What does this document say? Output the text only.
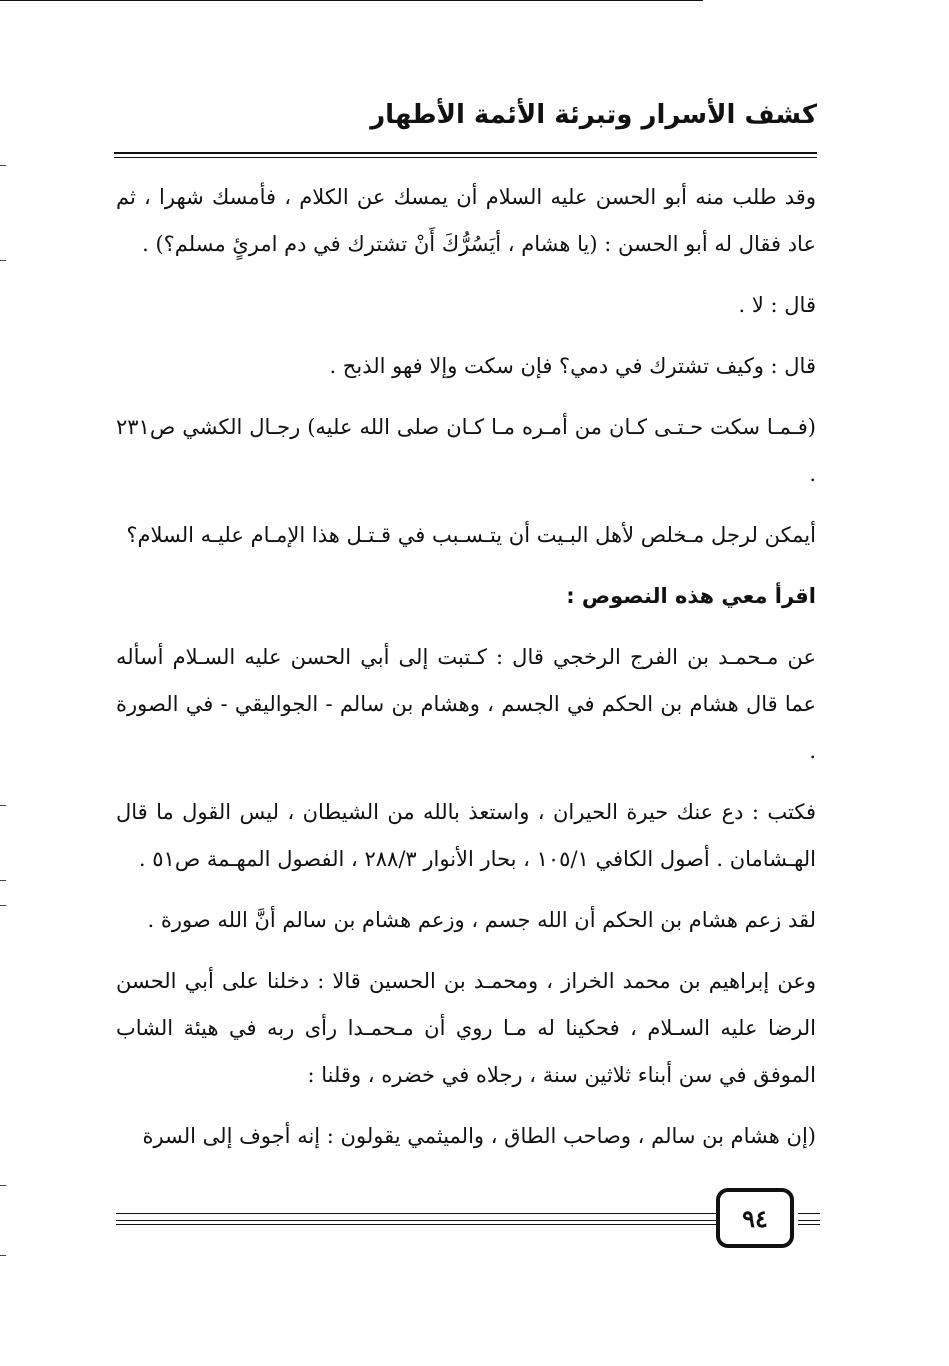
كشف الأسرار وتبرئة الأئمة الأطهار

وقد طلب منه أبو الحسن عليه السلام أن يمسك عن الكلام ، فأمسك شهرا ، ثم عاد فقال له أبو الحسن : (يا هشام ، أيَسُرُّكَ أَنْ تشترك في دم امرئٍ مسلم؟) .

قال : لا .

قال : وكيف تشترك في دمي؟ فإن سكت وإلا فهو الذبح .

(فـمـا سكت حـتـى كـان من أمـره مـا كـان صلى الله عليه) رجـال الكشي ص٢٣١ .

أيمكن لرجل مـخلص لأهل البـيت أن يتـسـبب في قـتـل هذا الإمـام عليـه السلام؟

اقرأ معي هذه النصوص :

عن مـحمـد بن الفرج الرخجي قال : كـتبت إلى أبي الحسن عليه السـلام أسأله عما قال هشام بن الحكم في الجسم ، وهشام بن سالم - الجواليقي - في الصورة .

فكتب : دع عنك حيرة الحيران ، واستعذ بالله من الشيطان ، ليس القول ما قال الهـشامان . أصول الكافي ١٠٥/١ ، بحار الأنوار ٢٨٨/٣ ، الفصول المهـمة ص٥١ .

لقد زعم هشام بن الحكم أن الله جسم ، وزعم هشام بن سالم أنَّ الله صورة .

وعن إبراهيم بن محمد الخراز ، ومحمـد بن الحسين قالا : دخلنا على أبي الحسن الرضا عليه السـلام ، فحكينا له مـا روي أن مـحمـدا رأى ربه في هيئة الشاب الموفق في سن أبناء ثلاثين سنة ، رجلاه في خضره ، وقلنا :

(إن هشام بن سالم ، وصاحب الطاق ، والميثمي يقولون : إنه أجوف إلى السرة

٩٤
